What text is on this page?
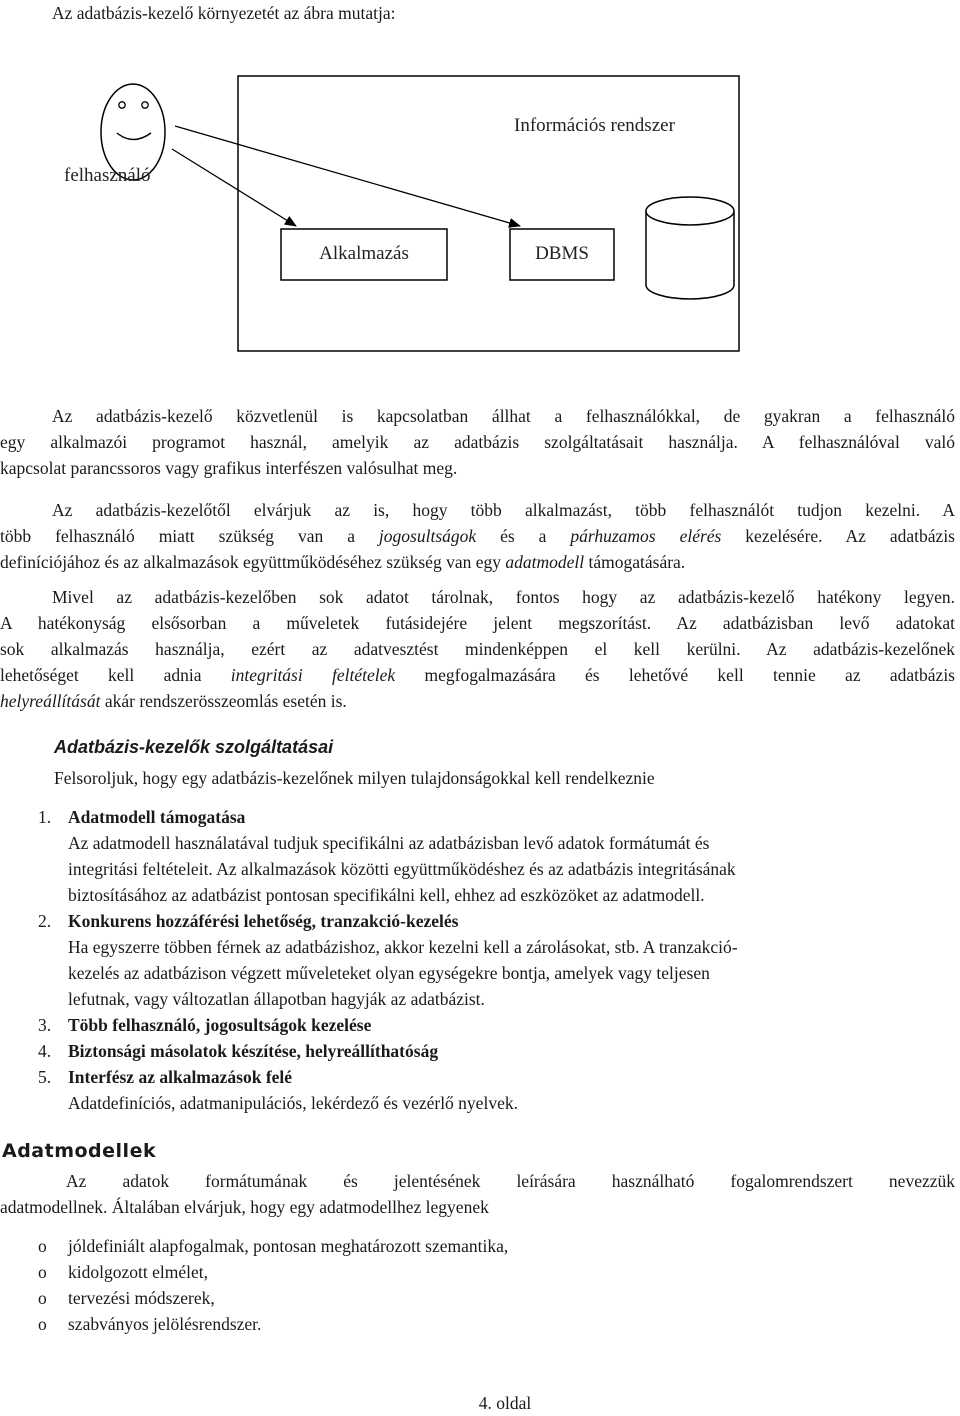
Az adatbázis-kezelő környezetét az ábra mutatja:
Információs rendszer
felhasználó
Alkalmazás	DBMS
Az adatbázis-kezelő közvetlenül is kapcsolatban állhat a felhasználókkal, de gyakran a felhasználó
egy alkalmazói programot használ, amelyik az adatbázis szolgáltatásait használja. A felhasználóval való
kapcsolat parancssoros vagy grafikus interfészen valósulhat meg.
Az adatbázis-kezelőtől elvárjuk az is, hogy több alkalmazást, több felhasználót tudjon kezelni. A
több felhasználó miatt szükség van a jogosultságok és a párhuzamos elérés kezelésére. Az adatbázis
definíciójához és az alkalmazások együttműködéséhez szükség van egy adatmodell támogatására.
Mivel az adatbázis-kezelőben sok adatot tárolnak, fontos hogy az adatbázis-kezelő hatékony legyen.
A hatékonyság elsősorban a műveletek futásidejére jelent megszorítást. Az adatbázisban levő adatokat
sok alkalmazás használja, ezért az adatvesztést mindenképpen el kell kerülni. Az adatbázis-kezelőnek
lehetőséget kell adnia integritási feltételek megfogalmazására és lehetővé kell tennie az adatbázis
helyreállítását akár rendszerösszeomlás esetén is.
Adatbázis-kezelők szolgáltatásai
Felsoroljuk, hogy egy adatbázis-kezelőnek milyen tulajdonságokkal kell rendelkeznie
1. Adatmodell támogatása
Az adatmodell használatával tudjuk specifikálni az adatbázisban levő adatok formátumát és
integritási feltételeit. Az alkalmazások közötti együttműködéshez és az adatbázis integritásának
biztosításához az adatbázist pontosan specifikálni kell, ehhez ad eszközöket az adatmodell.
2. Konkurens hozzáférési lehetőség, tranzakció-kezelés
Ha egyszerre többen férnek az adatbázishoz, akkor kezelni kell a zárolásokat, stb. A tranzakció-
kezelés az adatbázison végzett műveleteket olyan egységekre bontja, amelyek vagy teljesen
lefutnak, vagy változatlan állapotban hagyják az adatbázist.
3. Több felhasználó, jogosultságok kezelése
4. Biztonsági másolatok készítése, helyreállíthatóság
5. Interfész az alkalmazások felé
Adatdefiníciós, adatmanipulációs, lekérdező és vezérlő nyelvek.
Adatmodellek
Az adatok formátumának és jelentésének leírására használható fogalomrendszert nevezzük
adatmodellnek. Általában elvárjuk, hogy egy adatmodellhez legyenek
o jóldefiniált alapfogalmak, pontosan meghatározott szemantika,
o kidolgozott elmélet,
o tervezési módszerek,
o szabványos jelölésrendszer.
4. oldal
